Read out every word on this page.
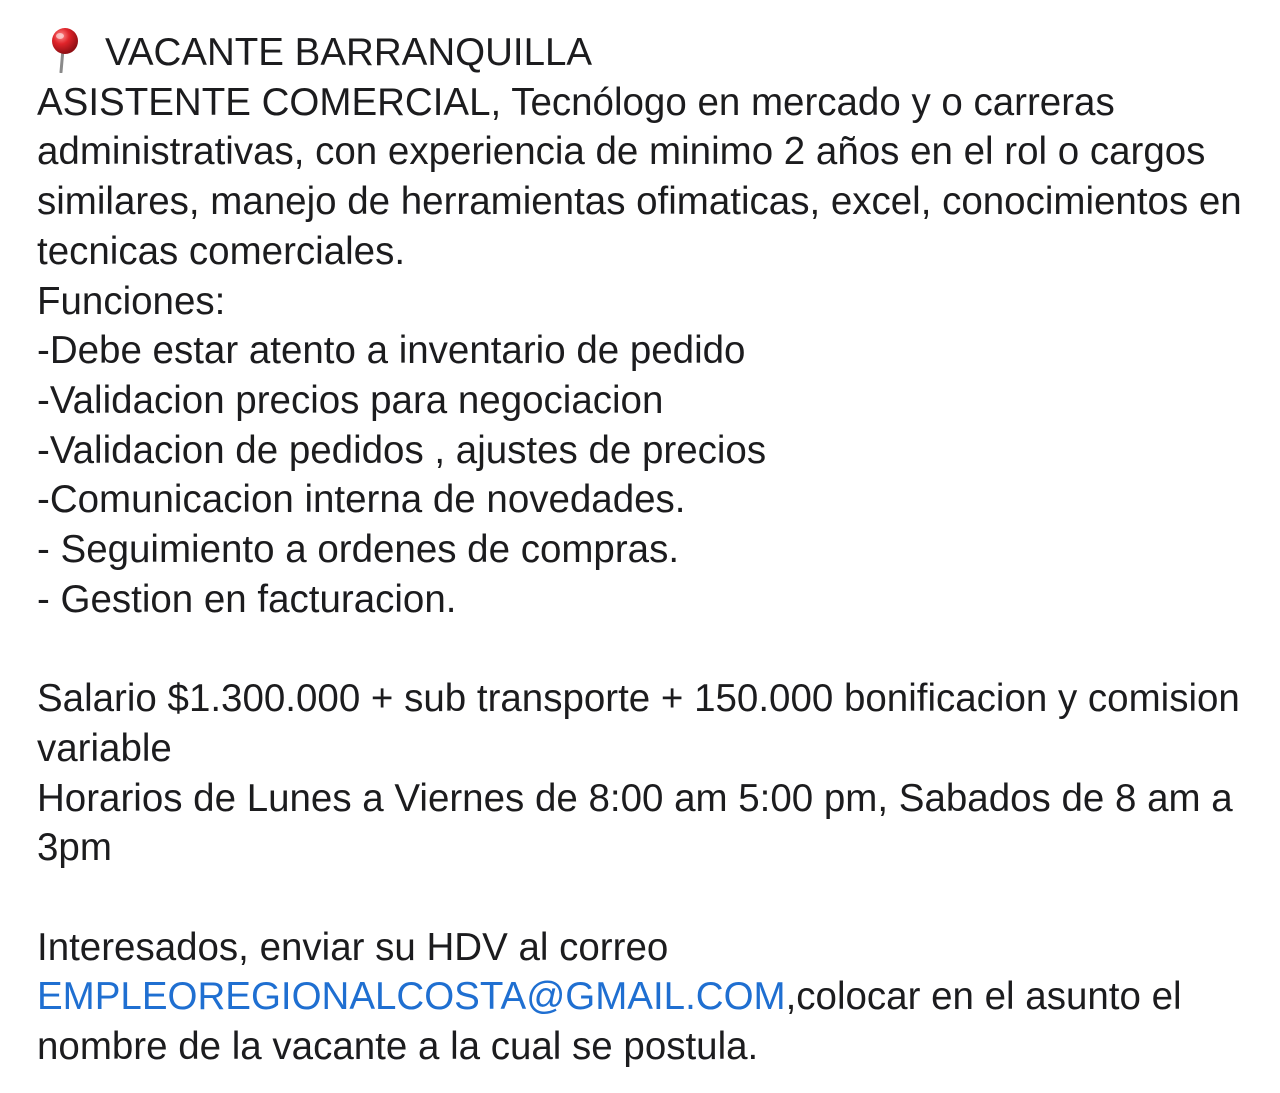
VACANTE BARRANQUILLA
ASISTENTE COMERCIAL, Tecnólogo en mercado y o carreras administrativas, con experiencia de minimo 2 años en el rol o cargos similares, manejo de herramientas ofimaticas, excel, conocimientos en tecnicas comerciales.
Funciones:
-Debe estar atento a inventario de pedido
-Validacion precios para negociacion
-Validacion de pedidos , ajustes de precios
-Comunicacion interna de novedades.
- Seguimiento a ordenes de compras.
- Gestion en facturacion.
Salario $1.300.000 + sub transporte + 150.000 bonificacion y comision variable
Horarios de Lunes a Viernes de 8:00 am 5:00 pm, Sabados de 8 am a 3pm
Interesados, enviar su HDV al correo
EMPLEOREGIONALCOSTA@GMAIL.COM,colocar en el asunto el nombre de la vacante a la cual se postula.
